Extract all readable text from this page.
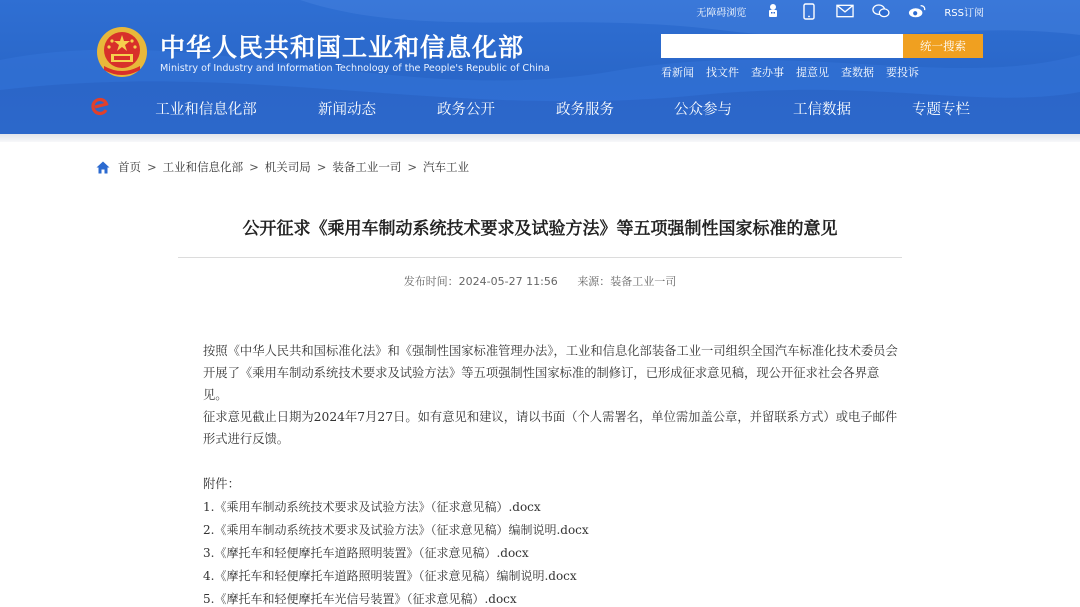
无障碍浏览	RSS订阅
中华人民共和国工业和信息化部
Ministry of Industry and Information Technology of the People's Republic of China
统一搜索
看新闻 找文件 查办事 提意见 查数据 要投诉
工业和信息化部	新闻动态	政务公开	政务服务	公众参与	工信数据	专题专栏
首页 > 工业和信息化部 > 机关司局 > 装备工业一司 > 汽车工业
公开征求《乘用车制动系统技术要求及试验方法》等五项强制性国家标准的意见
发布时间：2024-05-27 11:56 来源：装备工业一司
按照《中华人民共和国标准化法》和《强制性国家标准管理办法》，工业和信息化部装备工业一司组织全国汽车标准化技术委员会开展了《乘用车制动系统技术要求及试验方法》等五项强制性国家标准的制修订，已形成征求意见稿，现公开征求社会各界意见。
征求意见截止日期为2024年7月27日。如有意见和建议，请以书面（个人需署名，单位需加盖公章，并留联系方式）或电子邮件形式进行反馈。
附件：
1.《乘用车制动系统技术要求及试验方法》（征求意见稿）.docx
2.《乘用车制动系统技术要求及试验方法》（征求意见稿）编制说明.docx
3.《摩托车和轻便摩托车道路照明装置》（征求意见稿）.docx
4.《摩托车和轻便摩托车道路照明装置》（征求意见稿）编制说明.docx
5.《摩托车和轻便摩托车光信号装置》（征求意见稿）.docx
